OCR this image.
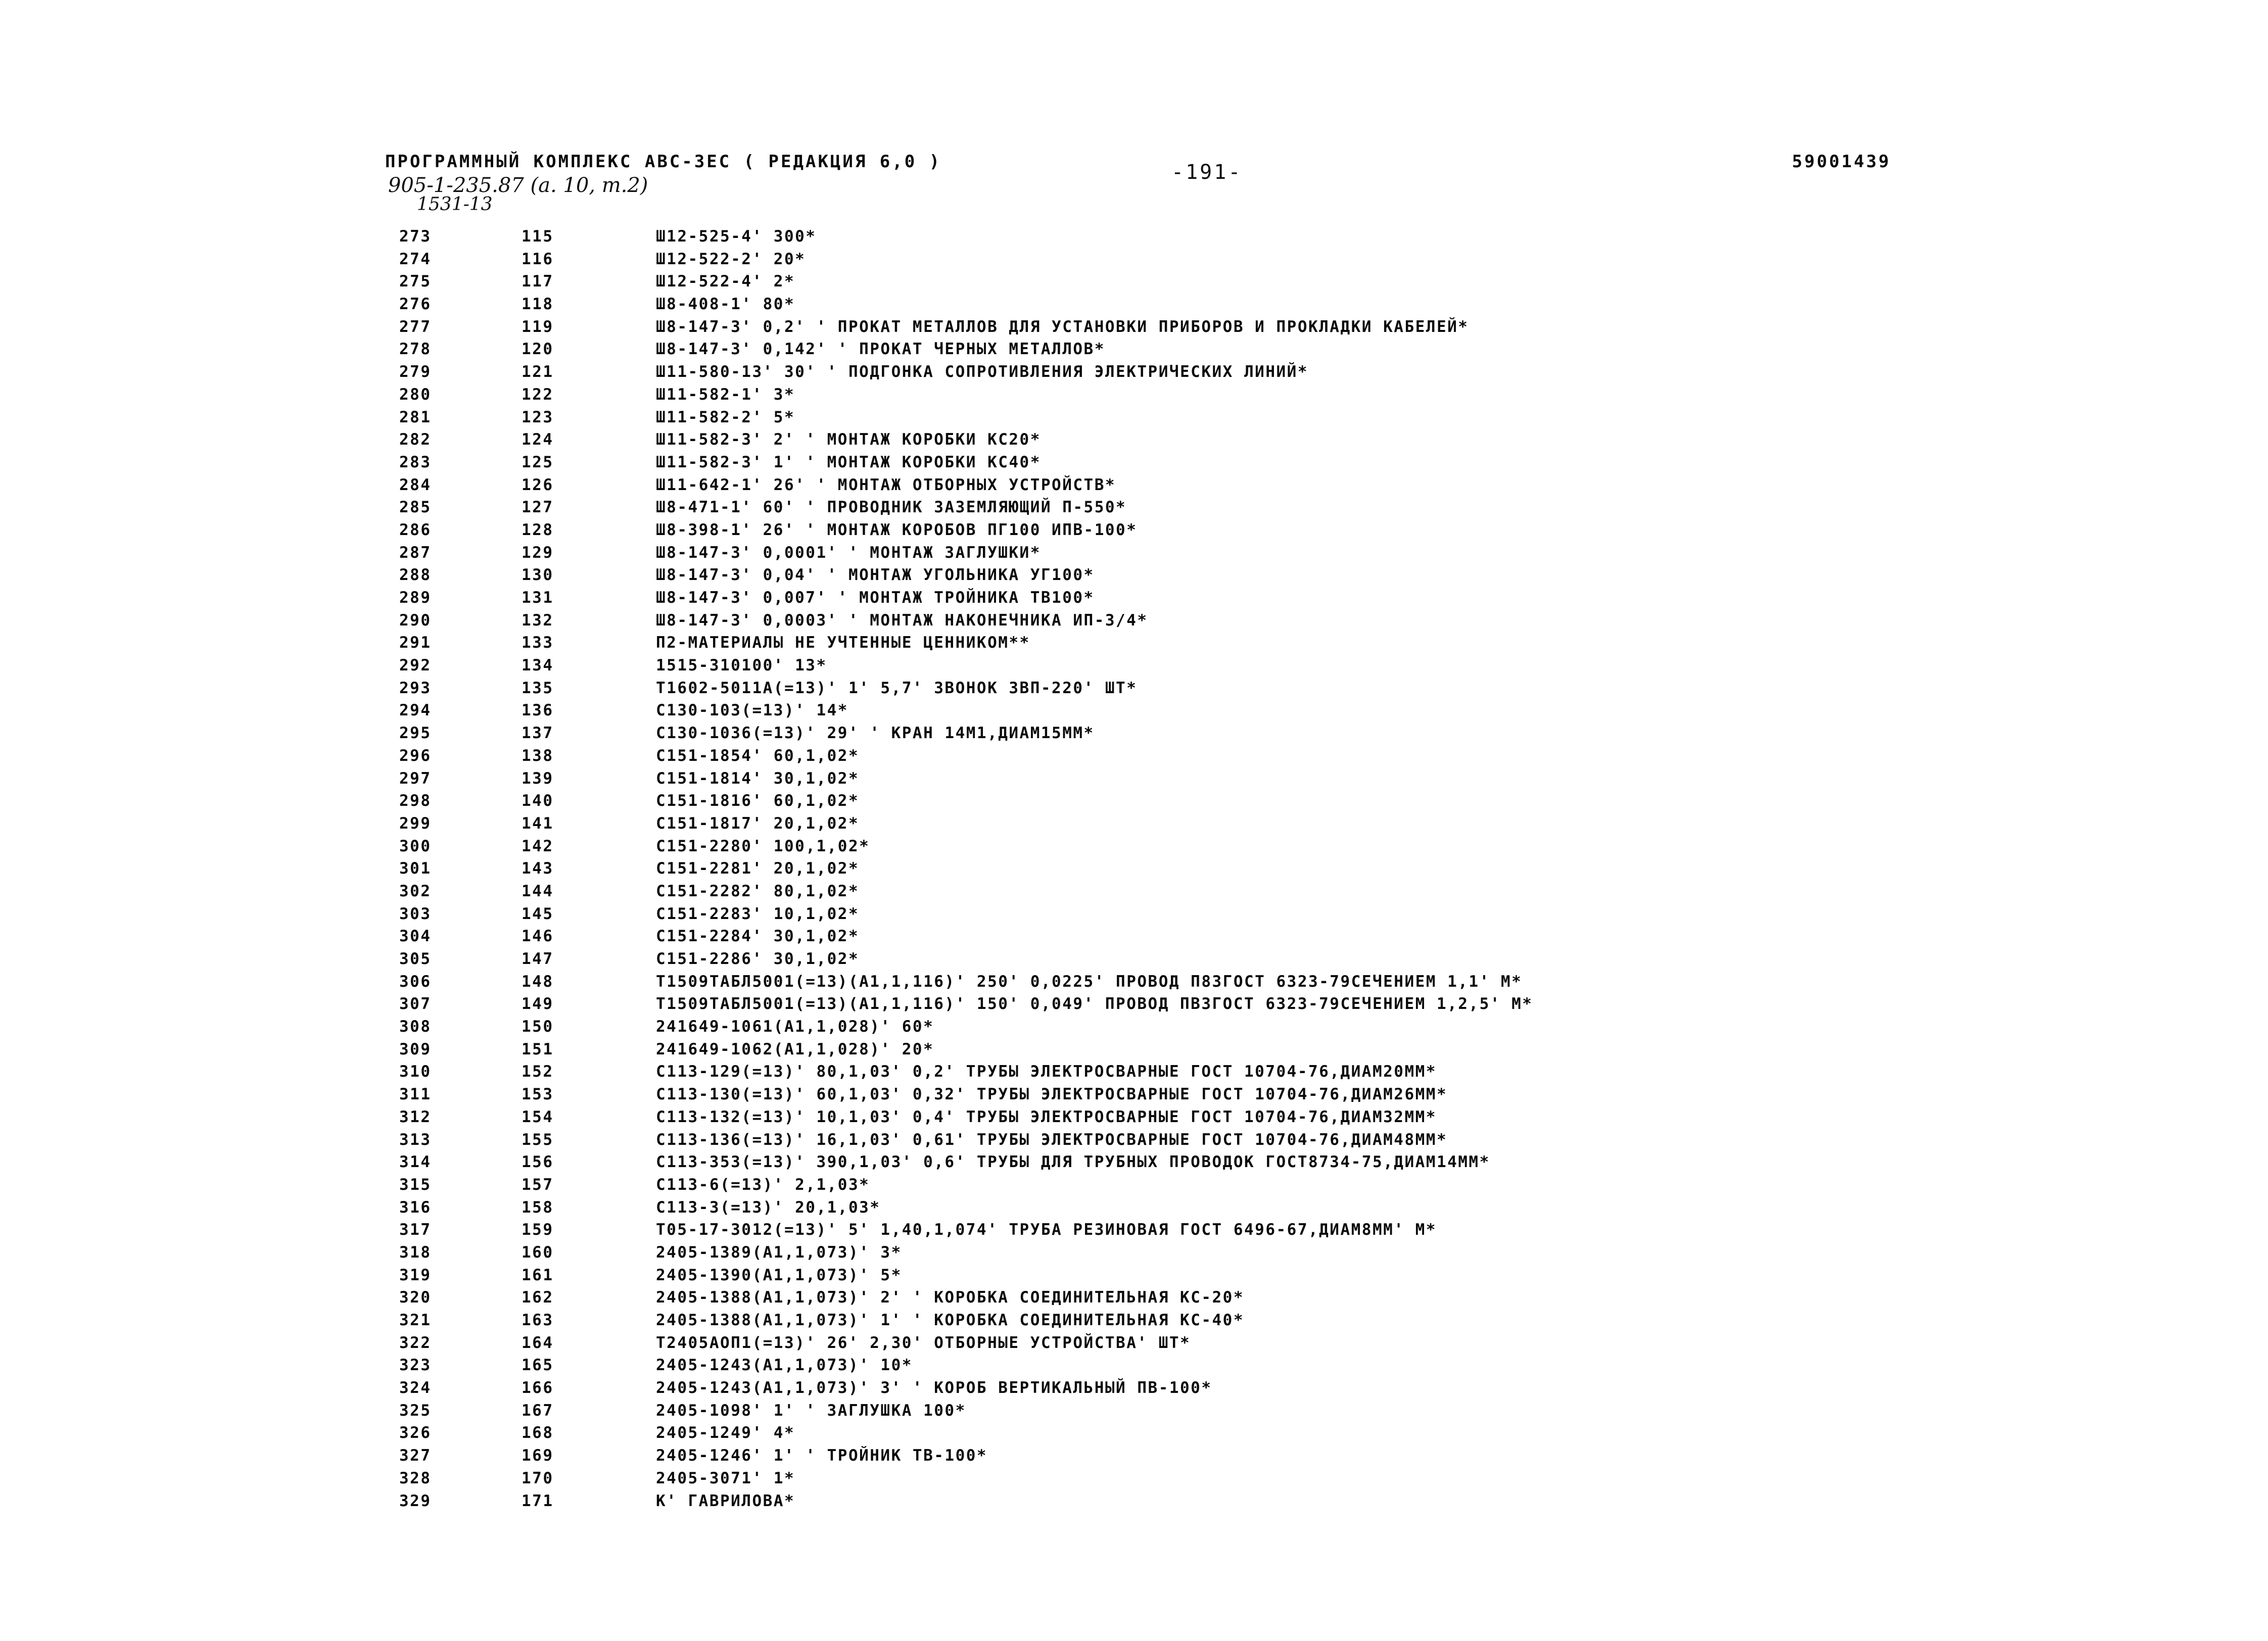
ПРОГРАММНЫЙ КОМПЛЕКС АВС-3ЕС ( РЕДАКЦИЯ 6,0 )	-191-	59001439
905-1-235.87 (а. 10, т.2)
1531-13
273	115	Ш12-525-4' 300*
274	116	Ш12-522-2' 20*
275	117	Ш12-522-4' 2*
276	118	Ш8-408-1' 80*
277	119	Ш8-147-3' 0,2' ' ПРОКАТ МЕТАЛЛОВ ДЛЯ УСТАНОВКИ ПРИБОРОВ И ПРОКЛАДКИ КАБЕЛЕЙ*
278	120	Ш8-147-3' 0,142' ' ПРОКАТ ЧЕРНЫХ МЕТАЛЛОВ*
279	121	Ш11-580-13' 30' ' ПОДГОНКА СОПРОТИВЛЕНИЯ ЭЛЕКТРИЧЕСКИХ ЛИНИЙ*
280	122	Ш11-582-1' 3*
281	123	Ш11-582-2' 5*
282	124	Ш11-582-3' 2' ' МОНТАЖ КОРОБКИ КС20*
283	125	Ш11-582-3' 1' ' МОНТАЖ КОРОБКИ КС40*
284	126	Ш11-642-1' 26' ' МОНТАЖ ОТБОРНЫХ УСТРОЙСТВ*
285	127	Ш8-471-1' 60' ' ПРОВОДНИК ЗАЗЕМЛЯЮЩИЙ П-550*
286	128	Ш8-398-1' 26' ' МОНТАЖ КОРОБОВ ПГ100 ИПВ-100*
287	129	Ш8-147-3' 0,0001' ' МОНТАЖ ЗАГЛУШКИ*
288	130	Ш8-147-3' 0,04' ' МОНТАЖ УГОЛЬНИКА УГ100*
289	131	Ш8-147-3' 0,007' ' МОНТАЖ ТРОЙНИКА ТВ100*
290	132	Ш8-147-3' 0,0003' ' МОНТАЖ НАКОНЕЧНИКА ИП-3/4*
291	133	П2-МАТЕРИАЛЫ НЕ УЧТЕННЫЕ ЦЕННИКОМ**
292	134	1515-310100' 13*
293	135	Т1602-5011А(=13)' 1' 5,7' ЗВОНОК ЗВП-220' ШТ*
294	136	С130-103(=13)' 14*
295	137	С130-1036(=13)' 29' ' КРАН 14М1,ДИАМ15ММ*
296	138	С151-1854' 60,1,02*
297	139	С151-1814' 30,1,02*
298	140	С151-1816' 60,1,02*
299	141	С151-1817' 20,1,02*
300	142	С151-2280' 100,1,02*
301	143	С151-2281' 20,1,02*
302	144	С151-2282' 80,1,02*
303	145	С151-2283' 10,1,02*
304	146	С151-2284' 30,1,02*
305	147	С151-2286' 30,1,02*
306	148	Т1509ТАБЛ5001(=13)(А1,1,116)' 250' 0,0225' ПРОВОД П83ГОСТ 6323-79СЕЧЕНИЕМ 1,1' М*
307	149	Т1509ТАБЛ5001(=13)(А1,1,116)' 150' 0,049' ПРОВОД ПВ3ГОСТ 6323-79СЕЧЕНИЕМ 1,2,5' М*
308	150	241649-1061(А1,1,028)' 60*
309	151	241649-1062(А1,1,028)' 20*
310	152	С113-129(=13)' 80,1,03' 0,2' ТРУБЫ ЭЛЕКТРОСВАРНЫЕ ГОСТ 10704-76,ДИАМ20ММ*
311	153	С113-130(=13)' 60,1,03' 0,32' ТРУБЫ ЭЛЕКТРОСВАРНЫЕ ГОСТ 10704-76,ДИАМ26ММ*
312	154	С113-132(=13)' 10,1,03' 0,4' ТРУБЫ ЭЛЕКТРОСВАРНЫЕ ГОСТ 10704-76,ДИАМ32ММ*
313	155	С113-136(=13)' 16,1,03' 0,61' ТРУБЫ ЭЛЕКТРОСВАРНЫЕ ГОСТ 10704-76,ДИАМ48ММ*
314	156	С113-353(=13)' 390,1,03' 0,6' ТРУБЫ ДЛЯ ТРУБНЫХ ПРОВОДОК ГОСТ8734-75,ДИАМ14ММ*
315	157	С113-6(=13)' 2,1,03*
316	158	С113-3(=13)' 20,1,03*
317	159	Т05-17-3012(=13)' 5' 1,40,1,074' ТРУБА РЕЗИНОВАЯ ГОСТ 6496-67,ДИАМ8ММ' М*
318	160	2405-1389(А1,1,073)' 3*
319	161	2405-1390(А1,1,073)' 5*
320	162	2405-1388(А1,1,073)' 2' ' КОРОБКА СОЕДИНИТЕЛЬНАЯ КС-20*
321	163	2405-1388(А1,1,073)' 1' ' КОРОБКА СОЕДИНИТЕЛЬНАЯ КС-40*
322	164	Т2405АОП1(=13)' 26' 2,30' ОТБОРНЫЕ УСТРОЙСТВА' ШТ*
323	165	2405-1243(А1,1,073)' 10*
324	166	2405-1243(А1,1,073)' 3' ' КОРОБ ВЕРТИКАЛЬНЫЙ ПВ-100*
325	167	2405-1098' 1' ' ЗАГЛУШКА 100*
326	168	2405-1249' 4*
327	169	2405-1246' 1' ' ТРОЙНИК ТВ-100*
328	170	2405-3071' 1*
329	171	К' ГАВРИЛОВА*
